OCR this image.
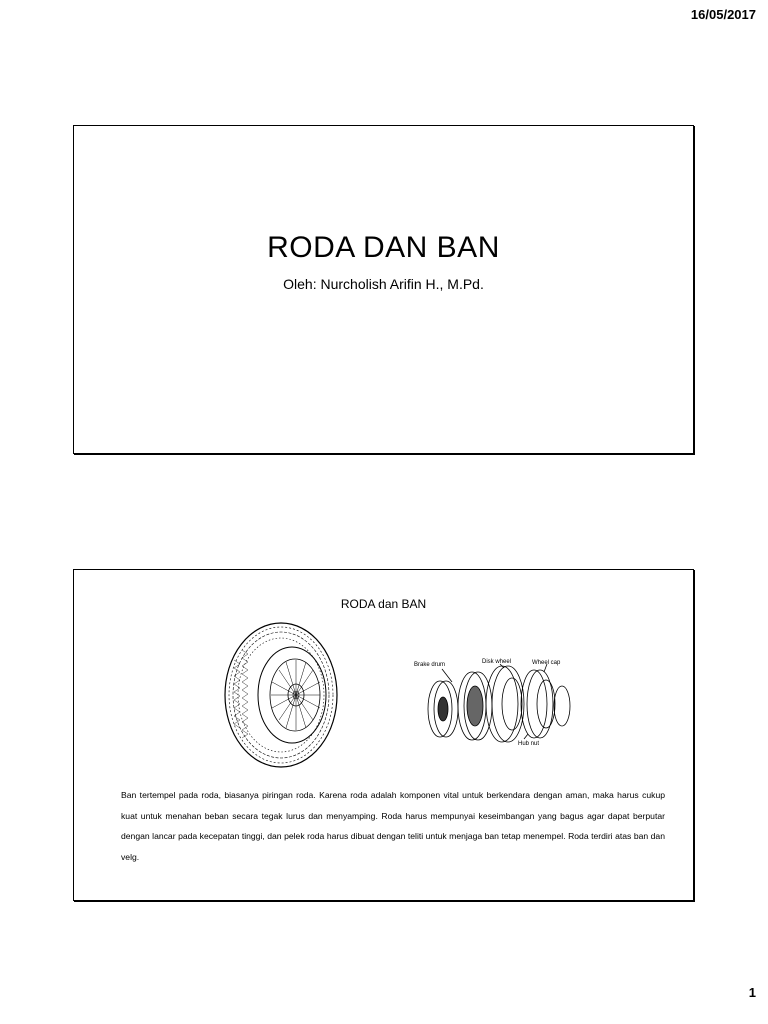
16/05/2017
RODA DAN BAN
Oleh: Nurcholish Arifin H., M.Pd.
RODA dan BAN
Brake drum	Disk wheel	Wheel cap
Hub nut
Ban tertempel pada roda, biasanya piringan roda. Karena roda adalah komponen vital untuk berkendara dengan aman, maka harus cukup kuat untuk menahan beban secara tegak lurus dan menyamping. Roda harus mempunyai keseimbangan yang bagus agar dapat berputar dengan lancar pada kecepatan tinggi, dan pelek roda harus dibuat dengan teliti untuk menjaga ban tetap menempel. Roda terdiri atas ban dan velg.
1
